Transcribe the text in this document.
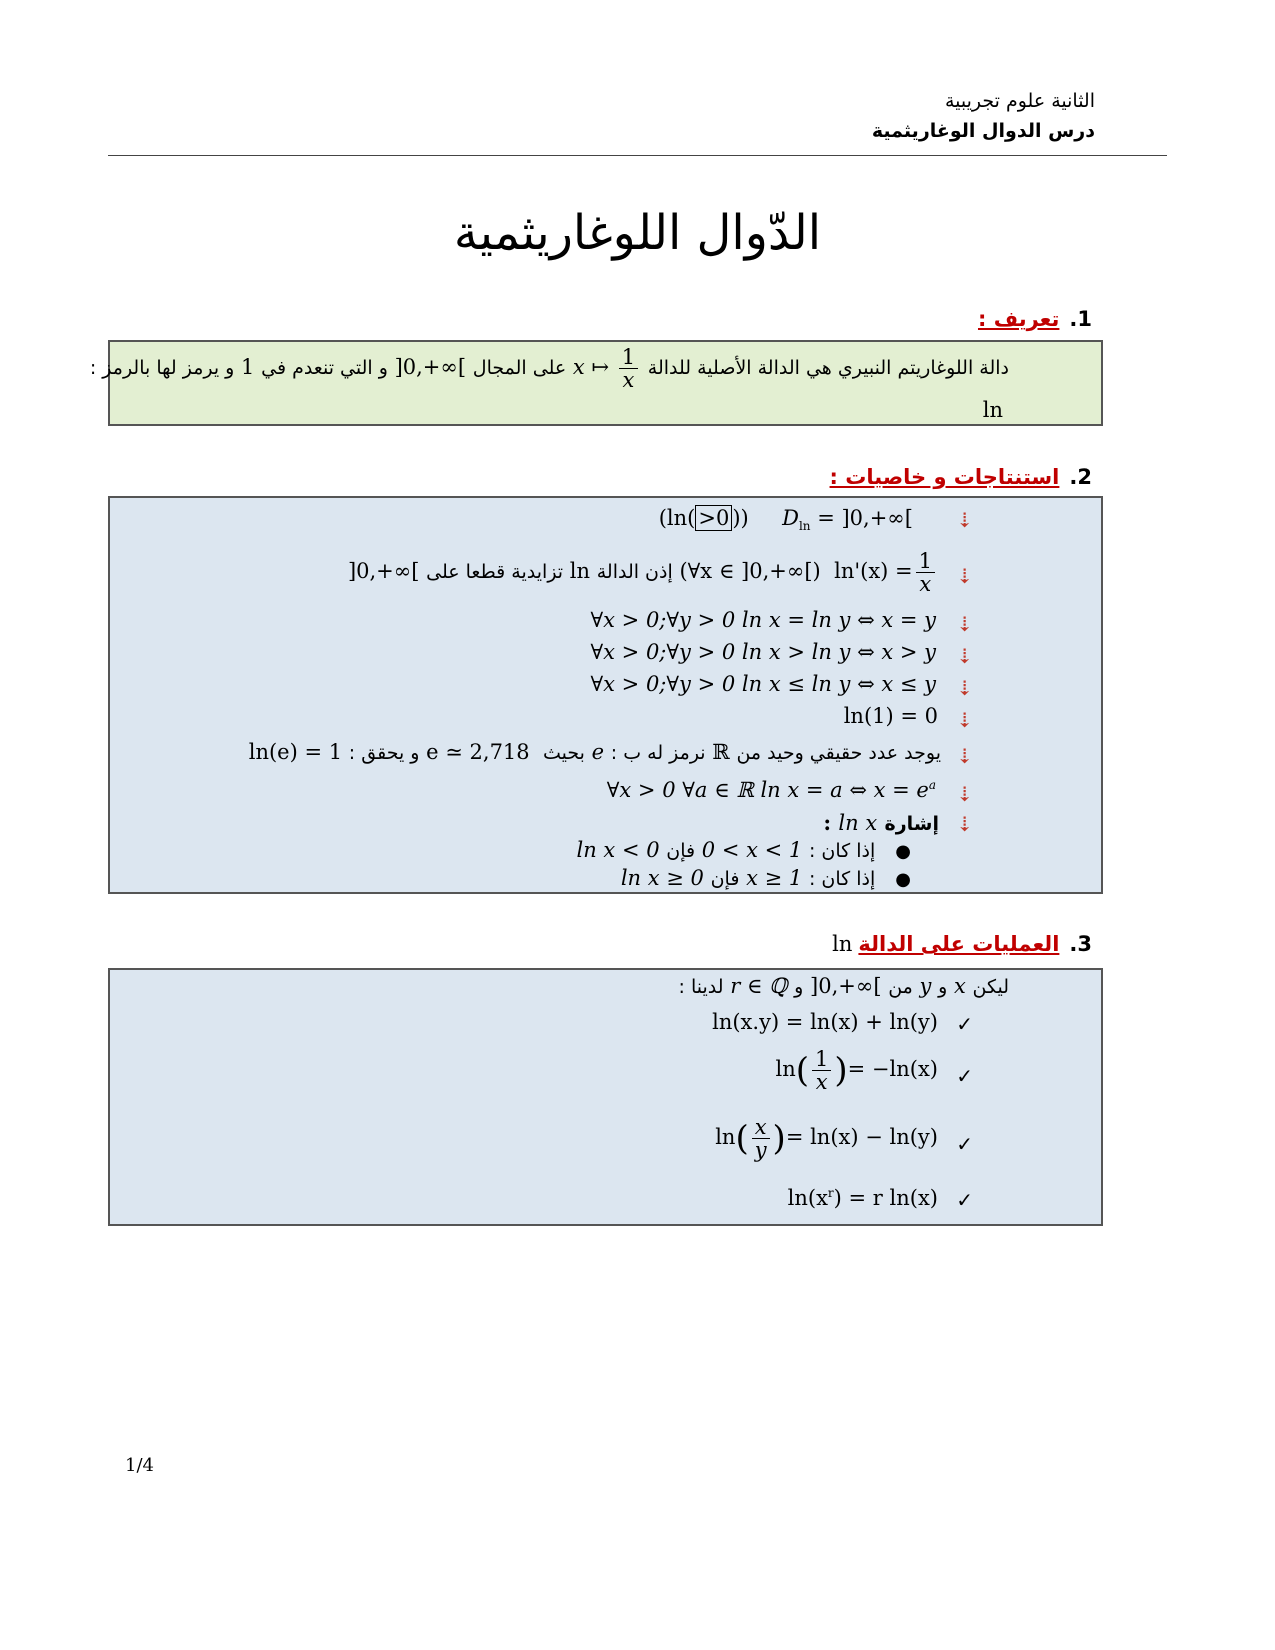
الثانية علوم تجريبية
درس الدوال الوغاريثمية
الدّوال اللوغاريثمية
1.تعريف :
دالة اللوغاريتم النبيري هي الدالة الأصلية للدالة
$\frac{1}{x}$
x ↦ على المجال ]0,+∞[ و التي تنعدم في 1 و يرمز لها بالرمز :
ln
2.استنتاجات و خاصيات :
⇣
(ln( >0 )) $D_{ln} = ]0,+\infty$[
⇣
$\ln'(x) = \frac{1}{x}$
(∀x ∈ ]0,+∞[) إذن الدالة ln تزايدية قطعا على ]0,+∞[
⇣
∀x > 0;∀y > 0 ln x = ln y ⇔ x = y
⇣
∀x > 0;∀y > 0 ln x > ln y ⇔ x > y
⇣
∀x > 0;∀y > 0 ln x ≤ ln y ⇔ x ≤ y
⇣
ln(1) = 0
⇣
يوجد عدد حقيقي وحيد من ℝ نرمز له ب : e بحيث  e ≃ 2,718 و يحقق : ln(e) = 1
⇣
∀x > 0 ∀a ∈ ℝ ln x = a ⇔ $x = e^a$
⇣
إشارة ln x :
●   إذا كان : 0 < x < 1 فإن ln x < 0
●   إذا كان : x ≥ 1 فإن ln x ≥ 0
3.العمليات على الدالةln
ليكن x و y من ]0,+∞[ و r ∈ ℚ لدينا :
✓
ln(x.y) = ln(x) + ln(y)
✓
$\ln( \frac{1}{x}$ )= −ln(x)
✓
$\ln( \frac{x}{y}$ )= ln(x) − ln(y)
✓
$\ln(x^r) = r$ ln(x)
1/4
